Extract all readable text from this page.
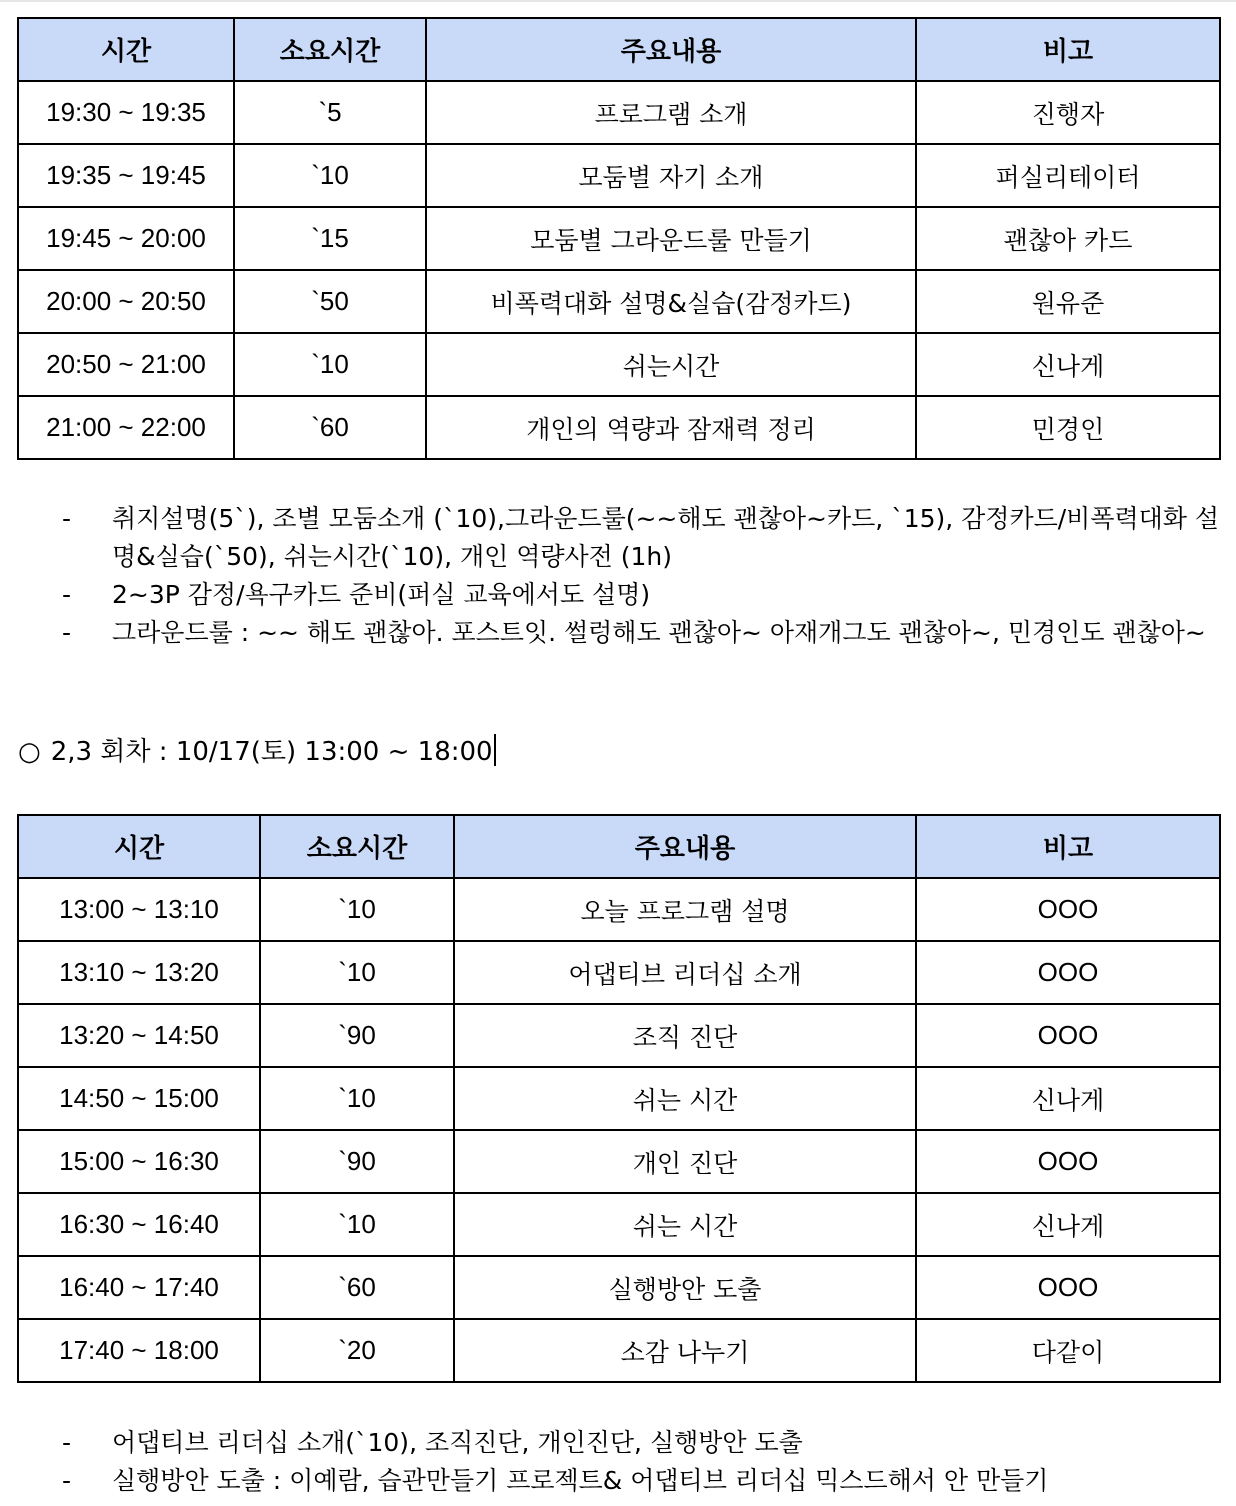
시간	소요시간	주요내용	비고
19:30 ~ 19:35	`5	프로그램 소개	진행자
19:35 ~ 19:45	`10	모둠별 자기 소개	퍼실리테이터
19:45 ~ 20:00	`15	모둠별 그라운드룰 만들기	괜찮아 카드
20:00 ~ 20:50	`50	비폭력대화 설명&실습(감정카드)	원유준
20:50 ~ 21:00	`10	쉬는시간	신나게
21:00 ~ 22:00	`60	개인의 역량과 잠재력 정리	민경인
- 취지설명(5`), 조별 모둠소개 (`10),그라운드룰(~~해도 괜찮아~카드, `15), 감정카드/비폭력대화 설명&실습(`50), 쉬는시간(`10), 개인 역량사전 (1h)
- 2~3P 감정/욕구카드 준비(퍼실 교육에서도 설명)
- 그라운드룰 : ~~ 해도 괜찮아. 포스트잇. 썰렁해도 괜찮아~ 아재개그도 괜찮아~, 민경인도 괜찮아~
○ 2,3 회차 : 10/17(토) 13:00 ~ 18:00
시간	소요시간	주요내용	비고
13:00 ~ 13:10	`10	오늘 프로그램 설명	OOO
13:10 ~ 13:20	`10	어댑티브 리더십 소개	OOO
13:20 ~ 14:50	`90	조직 진단	OOO
14:50 ~ 15:00	`10	쉬는 시간	신나게
15:00 ~ 16:30	`90	개인 진단	OOO
16:30 ~ 16:40	`10	쉬는 시간	신나게
16:40 ~ 17:40	`60	실행방안 도출	OOO
17:40 ~ 18:00	`20	소감 나누기	다같이
- 어댑티브 리더십 소개(`10), 조직진단, 개인진단, 실행방안 도출
- 실행방안 도출 : 이예람, 습관만들기 프로젝트& 어댑티브 리더십 믹스드해서 안 만들기
